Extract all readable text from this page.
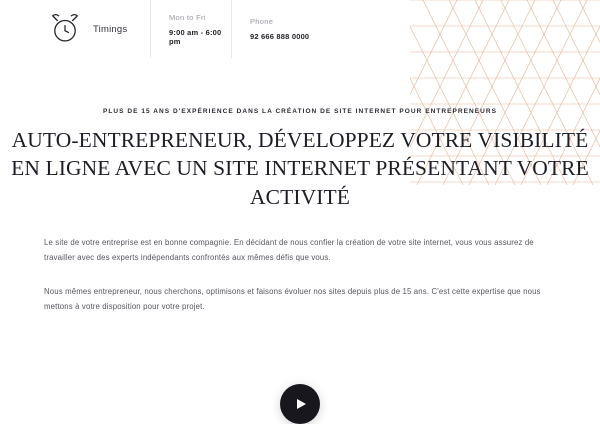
Timings
Mon to Fri
9:00 am - 6:00 pm
Phone
92 666 888 0000
PLUS DE 15 ANS D'EXPÉRIENCE DANS LA CRÉATION DE SITE INTERNET POUR ENTREPRENEURS
AUTO-ENTREPRENEUR, DÉVELOPPEZ VOTRE VISIBILITÉ
EN LIGNE AVEC UN SITE INTERNET PRÉSENTANT VOTRE ACTIVITÉ

Le site de votre entreprise est en bonne compagnie. En décidant de nous confier la création de votre site internet, vous vous assurez de travailler avec des experts indépendants confrontés aux mêmes défis que vous.

Nous mêmes entrepreneur, nous cherchons, optimisons et faisons évoluer nos sites depuis plus de 15 ans. C'est cette expertise que nous mettons à votre disposition pour votre projet.
